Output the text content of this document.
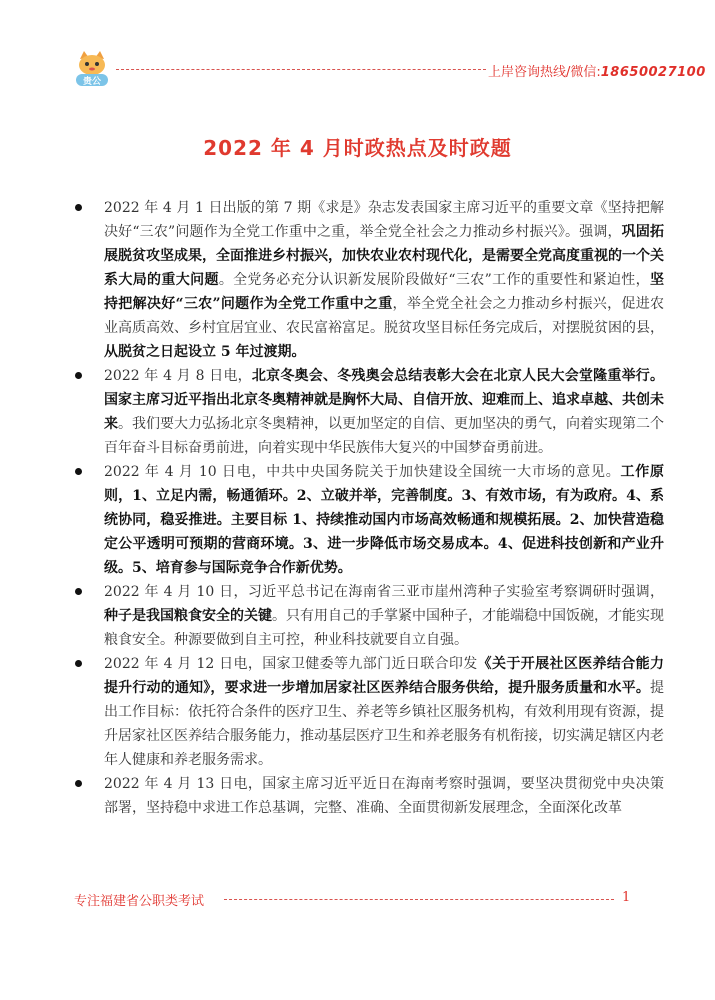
贵公
上岸咨询热线/微信:18650027100
2022 年 4 月时政热点及时政题
2022 年 4 月 1 日出版的第 7 期《求是》杂志发表国家主席习近平的重要文章《坚持把解决好“三农”问题作为全党工作重中之重，举全党全社会之力推动乡村振兴》。强调，巩固拓展脱贫攻坚成果，全面推进乡村振兴，加快农业农村现代化，是需要全党高度重视的一个关系大局的重大问题。全党务必充分认识新发展阶段做好“三农”工作的重要性和紧迫性，坚持把解决好“三农”问题作为全党工作重中之重，举全党全社会之力推动乡村振兴，促进农业高质高效、乡村宜居宜业、农民富裕富足。脱贫攻坚目标任务完成后，对摆脱贫困的县，从脱贫之日起设立 5 年过渡期。
2022 年 4 月 8 日电，北京冬奥会、冬残奥会总结表彰大会在北京人民大会堂隆重举行。国家主席习近平指出北京冬奥精神就是胸怀大局、自信开放、迎难而上、追求卓越、共创未来。我们要大力弘扬北京冬奥精神，以更加坚定的自信、更加坚决的勇气，向着实现第二个百年奋斗目标奋勇前进，向着实现中华民族伟大复兴的中国梦奋勇前进。
2022 年 4 月 10 日电，中共中央国务院关于加快建设全国统一大市场的意见。工作原则，1、立足内需，畅通循环。2、立破并举，完善制度。3、有效市场，有为政府。4、系统协同，稳妥推进。主要目标 1、持续推动国内市场高效畅通和规模拓展。2、加快营造稳定公平透明可预期的营商环境。3、进一步降低市场交易成本。4、促进科技创新和产业升级。5、培育参与国际竞争合作新优势。
2022 年 4 月 10 日，习近平总书记在海南省三亚市崖州湾种子实验室考察调研时强调，种子是我国粮食安全的关键。只有用自己的手掌紧中国种子，才能端稳中国饭碗，才能实现粮食安全。种源要做到自主可控，种业科技就要自立自强。
2022 年 4 月 12 日电，国家卫健委等九部门近日联合印发《关于开展社区医养结合能力提升行动的通知》，要求进一步增加居家社区医养结合服务供给，提升服务质量和水平。提出工作目标：依托符合条件的医疗卫生、养老等乡镇社区服务机构，有效利用现有资源，提升居家社区医养结合服务能力，推动基层医疗卫生和养老服务有机衔接，切实满足辖区内老年人健康和养老服务需求。
2022 年 4 月 13 日电，国家主席习近平近日在海南考察时强调，要坚决贯彻党中央决策部署，坚持稳中求进工作总基调，完整、准确、全面贯彻新发展理念，全面深化改革
专注福建省公职类考试	1
